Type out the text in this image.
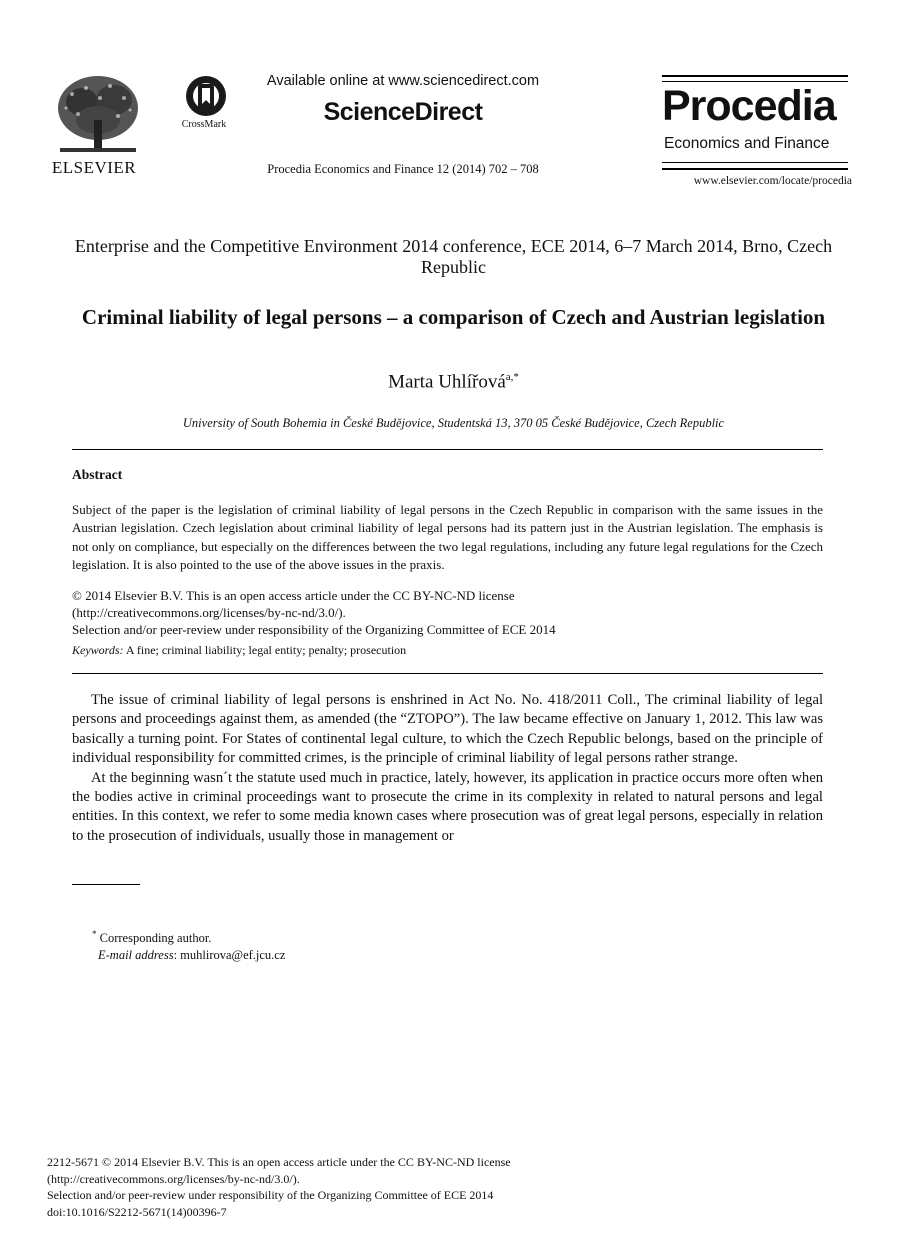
ELSEVIER
CrossMark
Available online at www.sciencedirect.com
ScienceDirect
Procedia Economics and Finance 12 (2014) 702 – 708
Procedia
Economics and Finance
www.elsevier.com/locate/procedia
Enterprise and the Competitive Environment 2014 conference, ECE 2014, 6–7 March 2014, Brno, Czech Republic
Criminal liability of legal persons – a comparison of Czech and Austrian legislation
Marta Uhlířová$^{a,*}$
University of South Bohemia in České Budějovice, Studentská 13, 370 05 České Budějovice, Czech Republic
Abstract
Subject of the paper is the legislation of criminal liability of legal persons in the Czech Republic in comparison with the same issues in the Austrian legislation. Czech legislation about criminal liability of legal persons had its pattern just in the Austrian legislation. The emphasis is not only on compliance, but especially on the differences between the two legal regulations, including any future legal regulations for the Czech legislation. It is also pointed to the use of the above issues in the praxis.
© 2014 Elsevier B.V. This is an open access article under the CC BY-NC-ND license
(http://creativecommons.org/licenses/by-nc-nd/3.0/).
Selection and/or peer-review under responsibility of the Organizing Committee of ECE 2014
Keywords: A fine; criminal liability; legal entity; penalty; prosecution

The issue of criminal liability of legal persons is enshrined in Act No. No. 418/2011 Coll., The criminal liability of legal persons and proceedings against them, as amended (the “ZTOPO”). The law became effective on January 1, 2012. This law was basically a turning point. For States of continental legal culture, to which the Czech Republic belongs, based on the principle of individual responsibility for committed crimes, is the principle of criminal liability of legal persons rather strange.

At the beginning wasn´t the statute used much in practice, lately, however, its application in practice occurs more often when the bodies active in criminal proceedings want to prosecute the crime in its complexity in related to natural persons and legal entities. In this context, we refer to some media known cases where prosecution was of great legal persons, especially in relation to the prosecution of individuals, usually those in management or

* Corresponding author.
E-mail address: muhlirova@ef.jcu.cz
2212-5671 © 2014 Elsevier B.V. This is an open access article under the CC BY-NC-ND license
(http://creativecommons.org/licenses/by-nc-nd/3.0/).
Selection and/or peer-review under responsibility of the Organizing Committee of ECE 2014
doi:10.1016/S2212-5671(14)00396-7
